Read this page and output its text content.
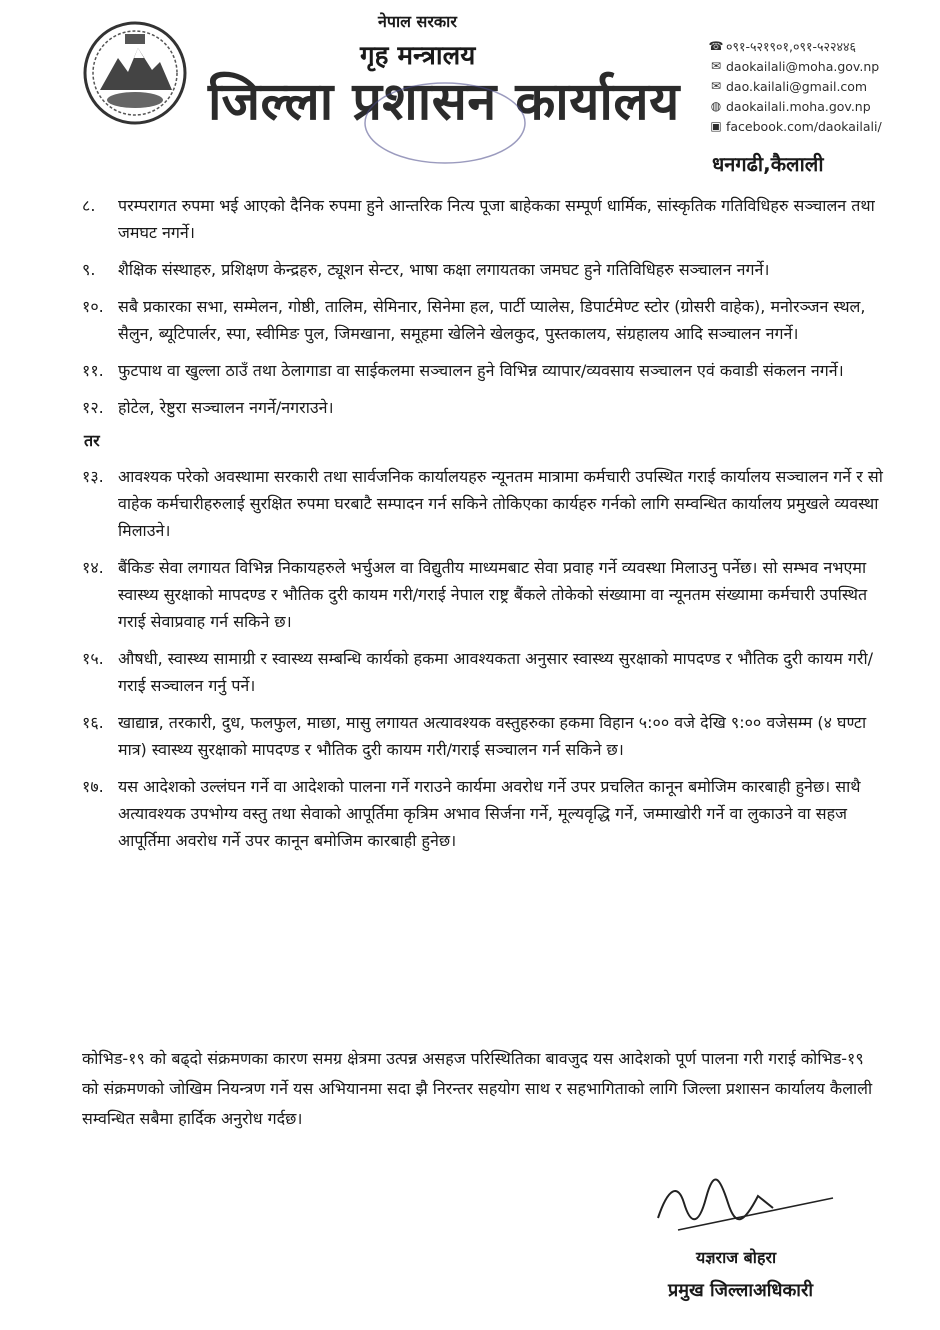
नेपाल सरकार
गृह मन्त्रालय
जिल्ला प्रशासन कार्यालय
☎ ०९१-५२१९०१,०९१-५२२४४६
✉ daokailali@moha.gov.np
✉ dao.kailali@gmail.com
◍ daokailali.moha.gov.np
▣ facebook.com/daokailali/
धनगढी,कैलाली
८.	परम्परागत रुपमा भई आएको दैनिक रुपमा हुने आन्तरिक नित्य पूजा बाहेकका सम्पूर्ण धार्मिक, सांस्कृतिक गतिविधिहरु सञ्चालन तथा जमघट नगर्ने।
९.	शैक्षिक संस्थाहरु, प्रशिक्षण केन्द्रहरु, ट्यूशन सेन्टर, भाषा कक्षा लगायतका जमघट हुने गतिविधिहरु सञ्चालन नगर्ने।
१०. सबै प्रकारका सभा, सम्मेलन, गोष्ठी, तालिम, सेमिनार, सिनेमा हल, पार्टी प्यालेस, डिपार्टमेण्ट स्टोर (ग्रोसरी वाहेक), मनोरञ्जन स्थल, सैलुन, ब्यूटिपार्लर, स्पा, स्वीमिङ पुल, जिमखाना, समूहमा खेलिने खेलकुद, पुस्तकालय, संग्रहालय आदि सञ्चालन नगर्ने।
११. फुटपाथ वा खुल्ला ठाउँ तथा ठेलागाडा वा साईकलमा सञ्चालन हुने विभिन्न व्यापार/व्यवसाय सञ्चालन एवं कवाडी संकलन नगर्ने।
१२. होटेल, रेष्टुरा सञ्चालन नगर्ने/नगराउने।
तर
१३. आवश्यक परेको अवस्थामा सरकारी तथा सार्वजनिक कार्यालयहरु न्यूनतम मात्रामा कर्मचारी उपस्थित गराई कार्यालय सञ्चालन गर्ने र सो वाहेक कर्मचारीहरुलाई सुरक्षित रुपमा घरबाटै सम्पादन गर्न सकिने तोकिएका कार्यहरु गर्नको लागि सम्वन्धित कार्यालय प्रमुखले व्यवस्था मिलाउने।
१४. बैंकिङ सेवा लगायत विभिन्न निकायहरुले भर्चुअल वा विद्युतीय माध्यमबाट सेवा प्रवाह गर्ने व्यवस्था मिलाउनु पर्नेछ। सो सम्भव नभएमा स्वास्थ्य सुरक्षाको मापदण्ड र भौतिक दुरी कायम गरी/गराई नेपाल राष्ट्र बैंकले तोकेको संख्यामा वा न्यूनतम संख्यामा कर्मचारी उपस्थित गराई सेवाप्रवाह गर्न सकिने छ।
१५. औषधी, स्वास्थ्य सामाग्री र स्वास्थ्य सम्बन्धि कार्यको हकमा आवश्यकता अनुसार स्वास्थ्य सुरक्षाको मापदण्ड र भौतिक दुरी कायम गरी/गराई सञ्चालन गर्नु पर्ने।
१६. खाद्यान्न, तरकारी, दुध, फलफुल, माछा, मासु लगायत अत्यावश्यक वस्तुहरुका हकमा विहान ५:०० वजे देखि ९:०० वजेसम्म (४ घण्टा मात्र) स्वास्थ्य सुरक्षाको मापदण्ड र भौतिक दुरी कायम गरी/गराई सञ्चालन गर्न सकिने छ।
१७. यस आदेशको उल्लंघन गर्ने वा आदेशको पालना गर्ने गराउने कार्यमा अवरोध गर्ने उपर प्रचलित कानून बमोजिम कारबाही हुनेछ। साथै अत्यावश्यक उपभोग्य वस्तु तथा सेवाको आपूर्तिमा कृत्रिम अभाव सिर्जना गर्ने, मूल्यवृद्धि गर्ने, जम्माखोरी गर्ने वा लुकाउने वा सहज आपूर्तिमा अवरोध गर्ने उपर कानून बमोजिम कारबाही हुनेछ।
कोभिड-१९ को बढ्दो संक्रमणका कारण समग्र क्षेत्रमा उत्पन्न असहज परिस्थितिका बावजुद यस आदेशको पूर्ण पालना गरी गराई कोभिड-१९ को संक्रमणको जोखिम नियन्त्रण गर्ने यस अभियानमा सदा झै निरन्तर सहयोग साथ र सहभागिताको लागि जिल्ला प्रशासन कार्यालय कैलाली सम्वन्धित सबैमा हार्दिक अनुरोध गर्दछ।
यज्ञराज बोहरा
प्रमुख जिल्लाअधिकारी
